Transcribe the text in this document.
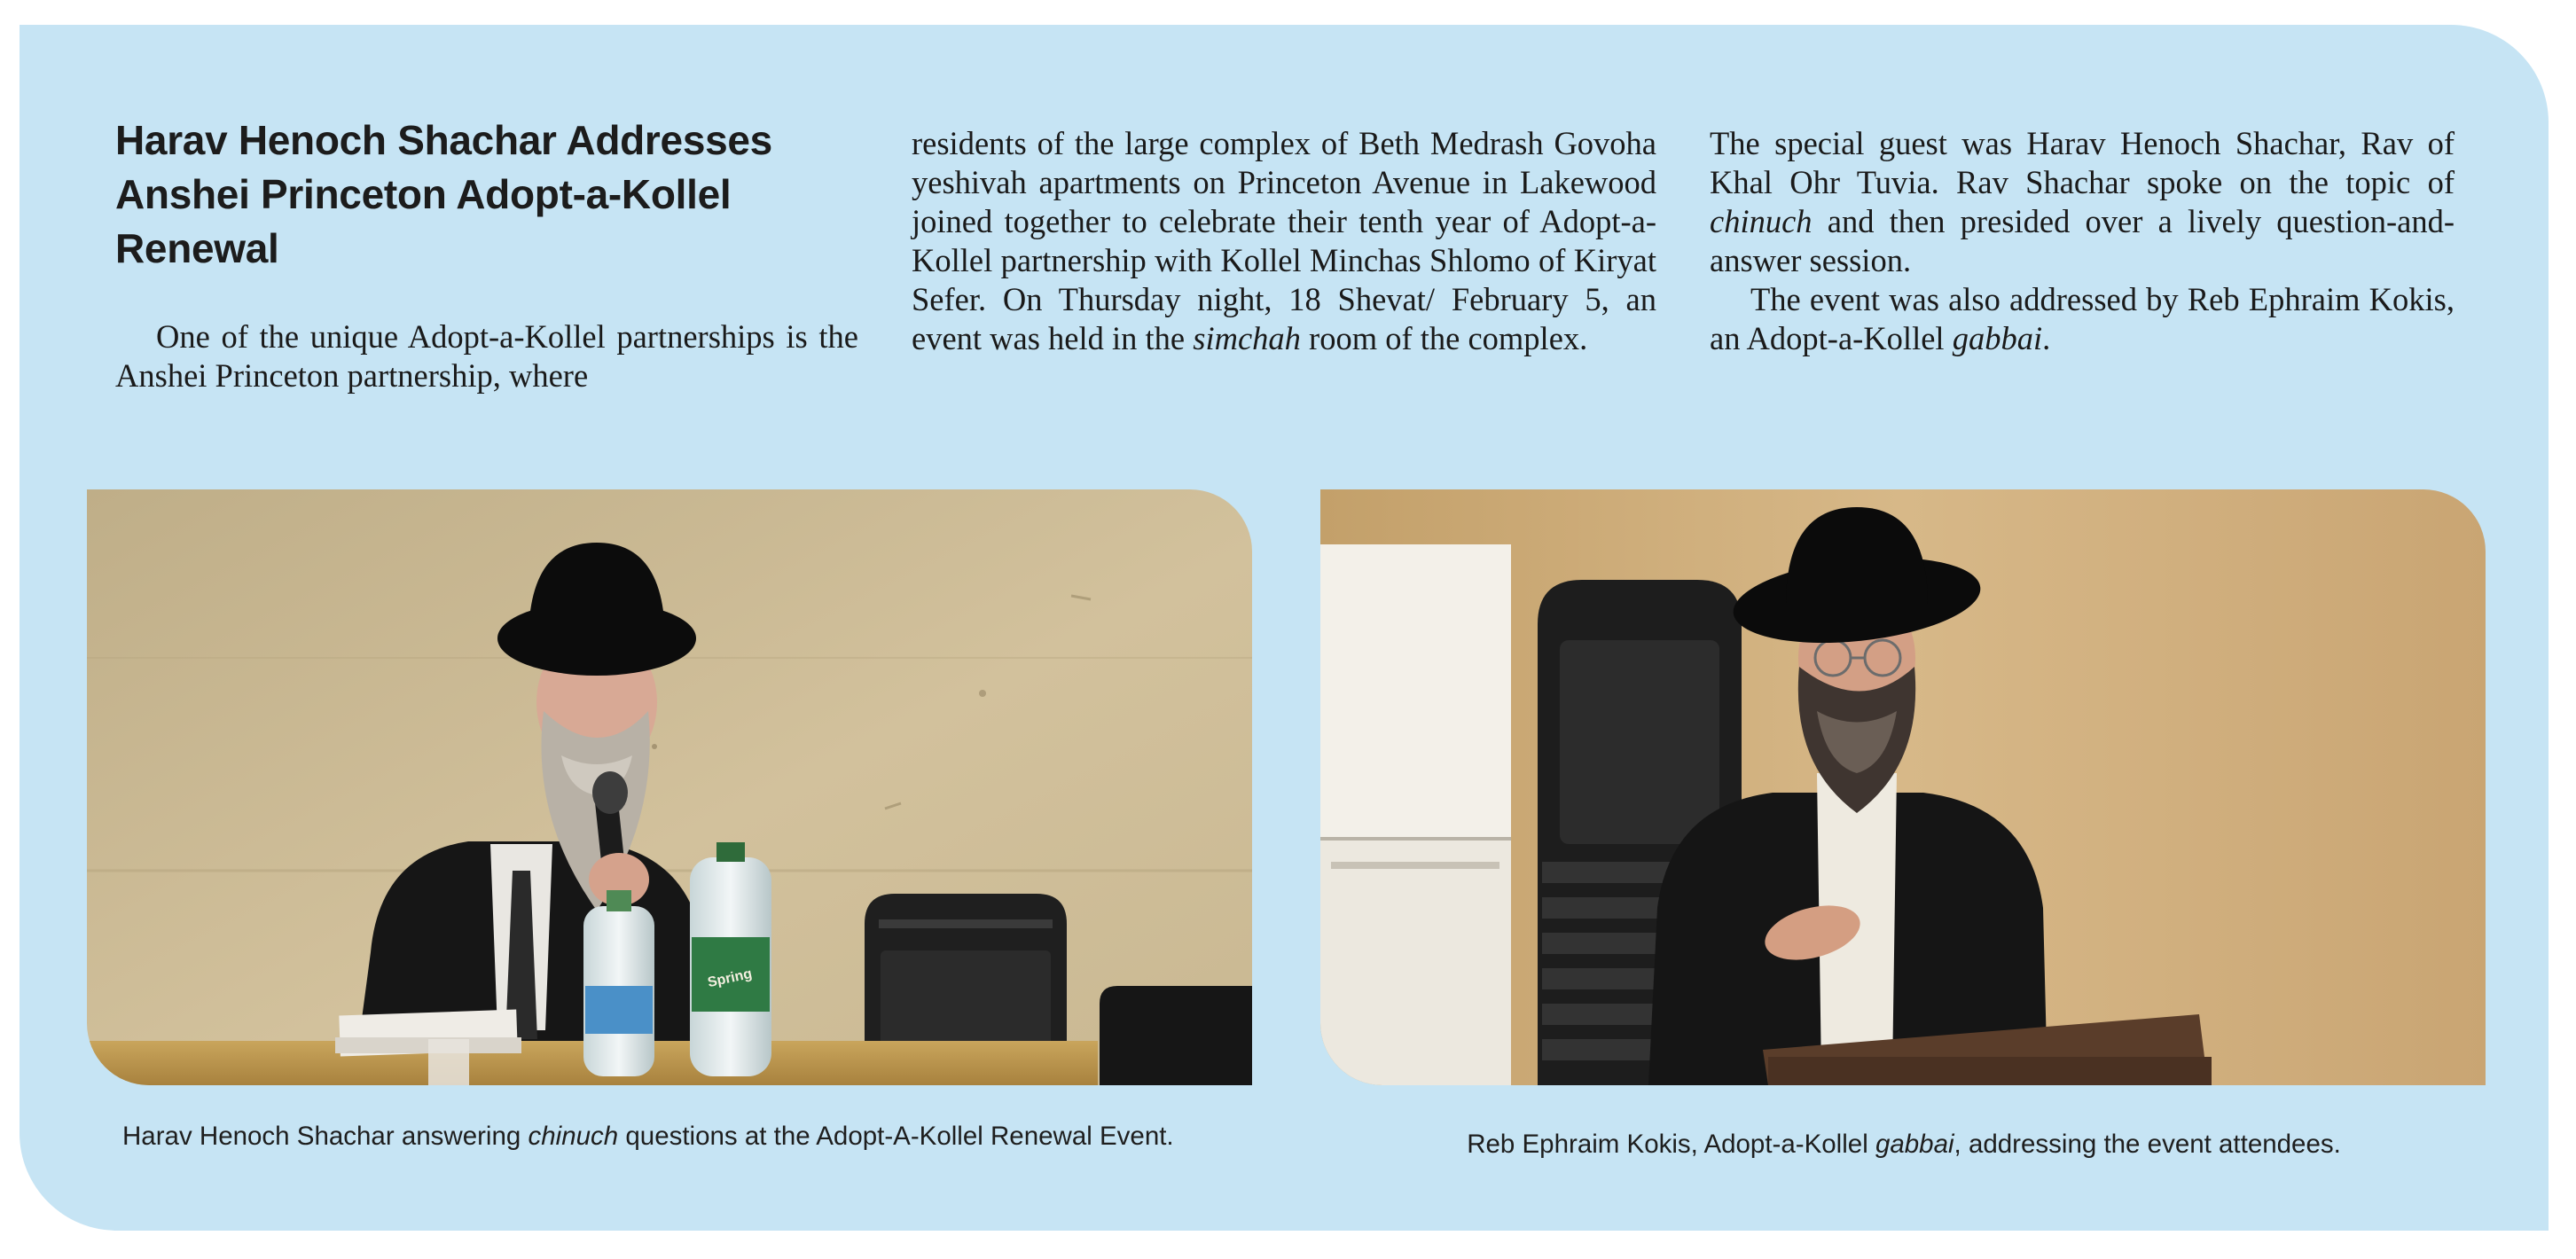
Harav Henoch Shachar Addresses Anshei Princeton Adopt-a-Kollel Renewal

One of the unique Adopt-a-Kollel partnerships is the Anshei Princeton partnership, where

residents of the large complex of Beth Medrash Govoha yeshivah apartments on Princeton Avenue in Lakewood joined together to celebrate their tenth year of Adopt-a-Kollel partnership with Kollel Minchas Shlomo of Kiryat Sefer. On Thursday night, 18 Shevat/ February 5, an event was held in the simchah room of the complex.

The special guest was Harav Henoch Shachar, Rav of Khal Ohr Tuvia. Rav Shachar spoke on the topic of chinuch and then presided over a lively question-and-answer session.

The event was also addressed by Reb Ephraim Kokis, an Adopt-a-Kollel gabbai.

Spring

Harav Henoch Shachar answering chinuch questions at the Adopt-A-Kollel Renewal Event.	Reb Ephraim Kokis, Adopt-a-Kollel gabbai, addressing the event attendees.
